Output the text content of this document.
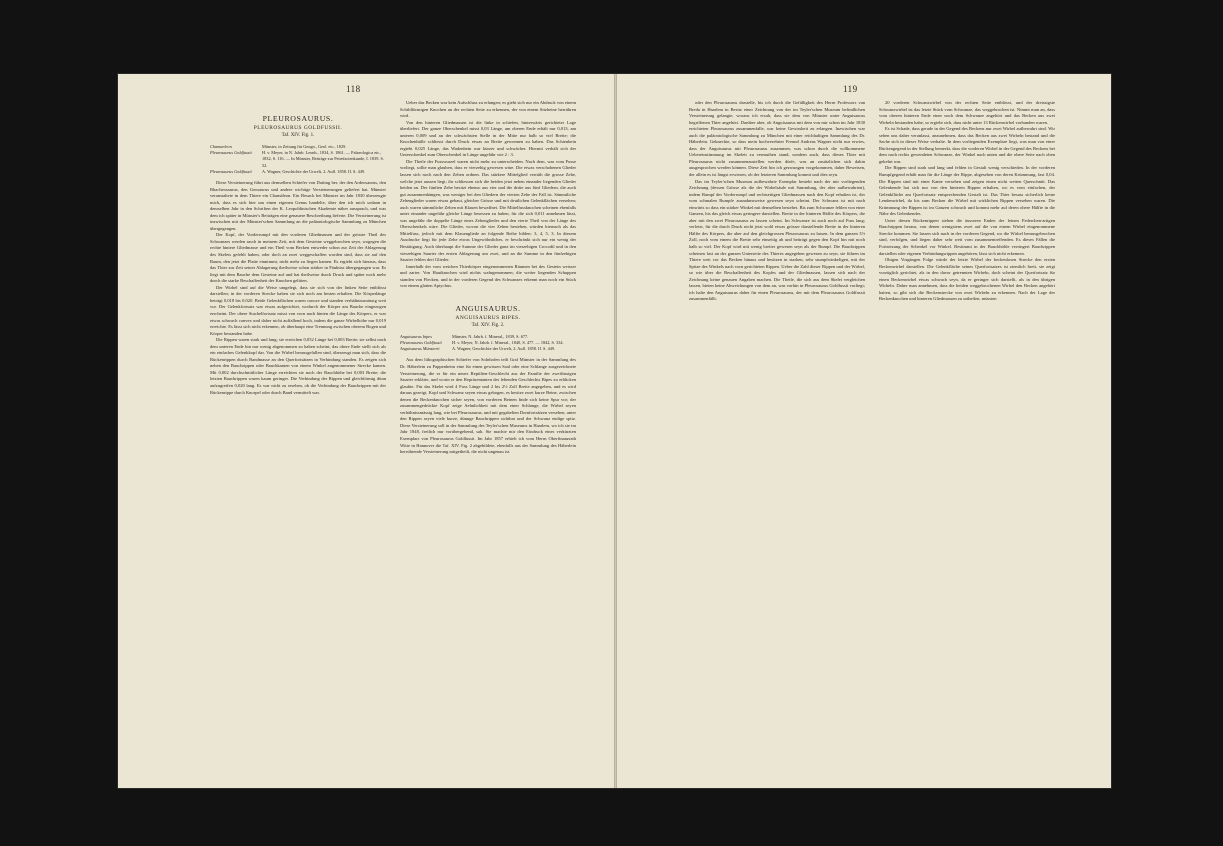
118
PLEUROSAURUS.
PLEUROSAURUS GOLDFUSSII.
Taf. XIV. Fig. 1.
Chamaeleon	Münster, in Zeitung für Geogn., Geol. etc., 1829.
Pleurosaurus Goldfussii	H. v. Meyer, in N. Jahrb. Leonh., 1834, S. 1861. — Palaeologica etc., 1832, S. 116. — In Münster, Beiträge zur Petrefactenkunde, I. 1839. S. 52.
Pleurosaurus Goldfussii	A. Wagner, Geschichte der Urwelt, 2. Aufl. 1858. II. S. 449.

Diese Versteinerung führt aus demselben Schiefer von Daiting her, der den Ardeosaurus, den Rhacheosaurus, den Geosaurus und andere wichtige Versteinerungen geliefert hat. Münster veranstaltete in dem Thiere ein Chamäleon. Ein Besuch bei Münster im Jahr 1830 überzeugte mich, dass es sich hier um einen eigenen Genus handelte, über den ich mich sodann in demselben Jahr in den Schriften der K. Leopoldinischen Akademie näher aussprach, und was dem ich später in Münster's Beiträgen eine genauere Beschreibung lieferte. Die Versteinerung ist inzwischen mit der Münster'schen Sammlung an die paläontologische Sammlung zu München übergegangen.

Der Kopf, der Vorderrumpf mit den vorderen Gliedmassen und der grösste Theil des Schwanzes werden rasch in meinem Zeit, mit dem Gesteine weggebrochen seyn, wogegen die rechte hintere Gliedmasse und ein Theil vom Becken entweder schon zur Zeit der Ablagerung des Skelets gefehlt haben, oder doch an zwei weggeschaffen worden sind, dass sie auf den Raum, den jetzt die Platte einnimmt, nicht mehr zu liegen kamen. Es ergiebt sich hieraus, dass das Thier zur Zeit seiner Ablagerung theilweise schon stärker in Fäulniss übergegangen war. Es liegt mit dem Bauche dem Gesteine auf und hat theilweise durch Druck und später noch mehr durch die starke Beschaffenheit der Knochen gelitten.

Der Wirbel sind auf die Weise umgelegt, dass sie sich von der linken Seite entblösst darstellen; in der vorderen Strecke haben sie sich noch am besten erhalten. Die Körperlänge beträgt 0,018 bis 0,020. Beide Gelenkflächen waren concav und standen verhältnissmässig weit vor. Der Gelenkfortsatz war etwas aufgerichtet, wodurch der Körper am Bauche eingezogen erscheint. Der obere Stachelfortsatz misst von vorn nach hinten die Länge des Körpers, er war etwas schwach convex und daher nicht auffallend hoch, indem die ganze Wirbelhöhe nur 0,019 erreichte. Es lässt sich nicht erkennen, ob überhaupt eine Trennung zwischen oberem Bogen und Körper bestanden habe.

Die Rippen waren stark und lang; sie erreichen 0,052 Länge bei 0,003 Breite; sie selbst nach dem unteren Ende hin nur wenig abgenommen zu haben scheint; das obere Ende stellt sich als ein einfaches Gelenkkopf dar. Von die Wirbel herausgefallen sind, überzeugt man sich, dass die Rückenrippen durch Bandmasse an den Querfortsätzen in Verbindung standen. Es zeigen sich neben den Bauchrippen oder Bauchkanten von einem Winkel angenommener Strecke kamen. Mit 0,002 durchschnittlicher Länge erreichten sie noch der Bauchhöhe bei 0,003 Breite; die letzten Bauchrippen waren kaum geringer. Die Verbindung der Rippen und gleichförmig dünn aufzugreifen 0,020 lang. Es war nicht zu ersehen, ob die Verbindung der Bauchrippen mit der Rückenrippe durch Knorpel oder durch Band vermittelt war.

Ueber das Becken war kein Aufschluss zu erlangen; es giebt sich nur ein Abdruck von einem Schildförmigen Knochen an der rechten Seite zu erkennen, der von einem Sitzbeine herrühren wird.

Von den hinteren Gliedmassen ist die linke in schiefen, hinterwärts gerichteter Lage überliefert. Der ganze Oberschenkel misst 0,03 Länge, am oberen Ende erhält nur 0,013, am unteren 0,009 und an der schwächsten Stelle in der Mitte nur halb so viel Breite; die Knochenhülle schliesst durch Druck etwas an Breite gewonnen zu haben. Das Schienbein ergiebt 0,025 Länge, das Wadenbein war kürzer und schwächer. Hiermit verhält sich der Unterschenkel zum Oberschenkel in Länge ungefähr wie 2 : 3.

Die Theile der Fusswurzel waren nicht mehr zu unterscheiden. Nach dem, was vom Fusse vorliegt, sollte man glauben, dass er vierzehig gewesen wäre. Die etwas verschobenen Glieder lassen sich noch nach den Zehen ordnen. Das stärkere Mittelglied verräth die grosse Zehe, welche jetzt aussen liegt; ihr schliessen sich die beiden jetzt neben einander liegenden Glieder beiden an. Der fünften Zehe besitzt ebenso aus vier und die dritte aus fünf Gliedern, die auch gut zusammenhängen, was weniger bei den Gliedern der vierten Zehe der Fall ist. Sämmtliche Zehenglieder waren etwas gebaut, gleicher Grösse und mit deutlichen Gelenkflächen versehen; auch waren sämmtliche Zehen mit Klauen bewaffnet. Die Mittelfussknochen scheinen ebenfalls unter einander ungefähr gleiche Länge besessen zu haben, für die sich 0,011 annehmen lässt, was ungefähr die doppelte Länge eines Zehengliedes und den vierte Theil von der Länge des Oberschenkels wäre. Die Glieder, wovon die vier Zehen bestehen, würden hiernach als das Mittelfuss, jedoch mit dem Klauengliede an folgende Reihe bilden: 3, 4, 5, 3. In diesem Ausdrucke liegt für jede Zehe etwas Ungewöhnliches, er beschränkt sich nur ein wenig der Bestätigung. Auch überhaupt die Summe der Glieder ganz im vierzehigen Crocodil und in den vierzehigen Saurier der ersten Ablagerung um zwei, und an die Summe in den fünfzehigen Saurier fehlen drei Glieder.

Innerhalb der vom weichen Thierkörper eingenommenen Räumen bei des Gestein weisser und zarter. Von Hautknochen wird nichts wahrgenommen; die weiter liegenden Schuppen standen von Flecken, und in der vorderen Gegend des Schwanzes erkennt man noch ein Stück von einem glatten Aptychus.

ANGUISAURUS.
ANGUISAURUS BIPES.
Taf. XIV. Fig. 2.
Anguisaurus bipes	Münster, N. Jahrb. f. Mineral., 1839, S. 677.
Pleurosaurus Goldfussii	H. v. Meyer, N. Jahrb. f. Mineral., 1840, S. 477. — 1842, S. 334.
Anguisaurus Münsterii	A. Wagner, Geschichte der Urwelt, 2. Aufl. 1858. II. S. 449.

Aus dem lithographischen Schiefer von Solnhofen teilt Graf Münster in der Sammlung des Dr. Häberlein zu Pappenheim eine für einen gewissen Saal oder eine Schlange ausgezeichnete Versteinerung, die er für ein neues Reptilien-Geschlecht aus der Familie der zweifüssigen Saurier erklärte, und worin er den Repräsentanten des lebenden Geschlechts Bipes zu erblicken glaubte. Für das Skelet wird 4 Fuss Länge und 2 bis 2½ Zoll Breite angegeben, und es wird daraus gezeigt, Kopf und Schwanz seyen etwas gebogen, es besitze zwei kurze Beine, zwischen denen die Beckenknochen sicher seyen, von vorderen Beinen finde sich keine Spur vor; der zusammengedrückte Kopf zeige Aehnlichkeit mit dem einer Schlange, die Wirbel seyen verhältnissmässig lang, wie bei Pleurosaurus, und mit gegabelten Dornfortsätzen versehen, unter den Rippen seyen viele kurze, dünnge Bauchrippen sichtbar und der Schwanz endige spitz. Diese Versteinerung soll in der Sammlung des Teyler'schen Museums in Haarlem, wo ich sie im Jahr 1848, freilich nur vorübergehend, sah. Sie machte mir den Eindruck eines verkürzten Exemplars von Pleurosaurus Goldfussii. Im Jahr 1857 erhielt ich vom Herrn Oberfinanzrath Witte in Hannover die Taf. XIV. Fig. 2 abgebildete, ebenfalls aus der Sammlung des Häberlein herrührende Versteinerung mitgetheilt, die nicht ungenau ist.

119

oder den Pleurosaurus darstelle, bis ich durch die Gefälligkeit des Herrn Professors van Breda in Haarlem in Besitz einer Zeichnung von der im Teyler'schen Museum befindlichen Versteinerung gelangte, woraus ich ersah, dass sie dem von Münster unter Anguisaurus begriffenen Thier angehört. Darüber aber, ob Anguisaurus mit dem von mir schon im Jahr 1830 errichteten Pleurosaurus zusammenfalle, war keine Gewissheit zu erlangen. Inzwischen war auch die paläontologische Sammlung zu München mit einer reichhaltigen Sammlung des Dr. Häberlein. Geknechte, so dass mein hochverehrter Freund Andreas Wagner nicht nur erwies, dass der Anguisaurus mit Pleurosaurus zusammen, was schon durch die vollkommene Uebereinstimmung im Skelett zu vermuthen stand, sondern auch, dass dieses Thier mit Pleurosaurus nicht zusammenzustellen werden dürfe, was an zusätzlichen sich dahin ausgesprochen werden können. Diese Zeit bin ich gezwungen vorgekommen, daher Beweisen, der allein es ist längst erwiesen, ob der letzteren Sammlung kommt und dies seyn.

Das im Teyler'schen Museum aufbewahrte Exemplar besteht nach der mir vorliegenden Zeichnung (dessen Grösse als die der Wirbelsäule mit Sammlung, der aber aufbewahrten), indem Rumpf der Vorderrumpf und rechtseitigen Gliedmassen nach den Kopf erhalten ist, der vom schmalen Rumpfe ausnahmsweise gewesen seyn scheint. Der Schwanz ist mit nach einwärts so dass ein stärker Winkel mit demselben bestehet. Bis zum Schwanze fehlen von einer Ganzen, bis das gleich etwas geringere darstellen. Breite in der hinteren Hälfte des Körpers, die aber mit den zwei Pleurosaurus zu lassen scheint. Im Schwanze ist auch noch auf Fuss lang; verletzt, für die durch Druck nicht jetzt wohl etwas grösser darstellende Breite in der hinteren Hälfte des Körpers, die aber auf den gleichgrossen Pleurosaurus zu lassen. In dem ganzen 3½ Zoll, noch vom einem die Breite sehr einseitig ab und beiträgt gegen den Kopf hin mit noch halb so viel. Der Kopf wird mit wenig breiter gewesen seyn als der Rumpf. Die Bauchrippen scheinen fast an der ganzen Unterseite des Thieres angegeben gewesen zu seyn, sie führen im Thiere weit vor das Becken hinaus und besitzen in starken, sehr stumpfwinkeligen, mit der Spitze des Winkels nach vorn gerichteten Rippen. Ueber die Zahl dieser Rippen und der Wirbel, so wie über die Beschaffenheit des Kopfes und der Gliedmassen, lassen sich nach der Zeichnung keine genauen Angaben machen. Die Theile, die sich aus dem Skelet vergleichen lassen, bieten keine Abweichungen von dem an, was vorhin in Pleurosaurus Goldfussii vorliegt; ich halte den Anguisaurus daher für einen Pleurosaurus, der mit dem Pleurosaurus Goldfussii zusammenfällt.

20 vorderen Schwanzwirbel von der rechten Seite entblösst, und der dreissigste Schwanzwirbel ist das letzte Stück vom Schwanze, das weggebrochen ist. Nimmt man an, dass vom oberen hinteren Ende einer noch dem Schwanze angehört und das Becken aus zwei Wirbeln bestanden habe, so ergiebt sich, dass nicht unter 13 Rückenwirbel vorhanden waren.

Es ist Schade, dass gerade in der Gegend des Beckens nur zwei Wirbel aufbewahrt sind. Wir sehen uns daher veranlasst, anzunehmen, dass das Becken aus zwei Wirbeln bestand und die Sache sich in dieser Weise verhalte. In dem vorliegenden Exemplare liegt, was man von einer Rückengegend in der Stellung bemerkt, dass die vorderen Wirbel in der Gegend des Beckens bei dem nach rechts gewendeten Schwanze, der Winkel nach unten und die obere Seite nach oben gekehrt war.

Die Rippen sind stark und lang und fehlen in Gestalt wenig verschieden. In der vorderen Rumpfgegend erhält man für die Länge der Rippe, abgesehen von deren Krümmung, fast 0,04. Die Rippen sind mit einer Kante versehen und zeigen einen nicht weiten Querschnitt. Das Gelenkende hat sich nur von den hinteren Rippen erhalten, wo es vom einfachen, der Gelenkfläche am Querfortsatz entsprechenden Gestalt ist. Das Thier besass sicherlich keine Lendenwirbel, da bis zum Becken die Wirbel mit wirklichen Rippen versehen waren. Die Krümmung der Rippen ist im Ganzen schwach und kommt mehr auf deren obere Hälfte in die Nähe des Gelenkendes.

Unter diesen Rückenrippen stehen die äusseren Enden der feinen Federchen-artigen Bauchrippen heraus, von denen wenigstens zwei auf die von einem Wirbel eingenommene Strecke kommen. Sie lassen sich nach in der vorderen Gegend, wo die Wirbel herausgebrochen sind, verfolgen, und liegen daher sehr weit vom zusammentreffenden. Es dieses Fällen die Fortsetzung der Schenkel vor Winkel. Bestimmt in der Bauchhöhle verringert Bauchrippen darstellen oder eigenen Verbindungsrippen angehören, lässt sich nicht erkennen.

Obigen Vorgängen Folge würde der letzte Wirbel der beckenlosen Strecke den ersten Beckenwirbel darstellen. Die Gelenkfläche seines Querfortsatzes ist ziemlich breit, sie zeigt vorzüglich gerichtet, als in den davor getrennten Wirbeln, doch scheint der Querfortsatz für einen Beckenwirbel etwas schwach seyn, da er geringer sich darstellt, als in den übrigen Wirbeln. Daher man annehmen, dass die beiden weggebrochenen Wirbel den Becken angehört hatten, so gibt sich die Beckenstrecke von zwei Wirbeln zu erkennen. Nach der Lage der Beckenknochen und hinteren Gliedmassen zu urtheilen, müssten
